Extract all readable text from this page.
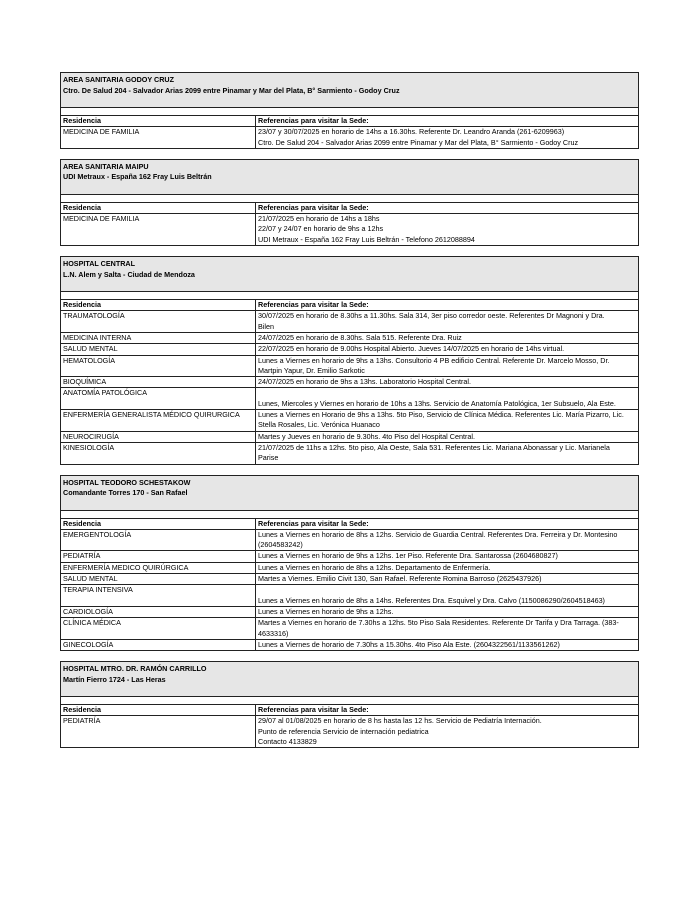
AREA SANITARIA GODOY CRUZ
Ctro. De Salud 204 - Salvador Arias 2099 entre Pinamar y Mar del Plata, B° Sarmiento - Godoy Cruz
Residencia	Referencias para visitar la Sede:
MEDICINA DE FAMILIA	23/07 y 30/07/2025 en horario de 14hs a 16.30hs. Referente Dr. Leandro Aranda (261-6209963)
Ctro. De Salud 204 - Salvador Arias 2099 entre Pinamar y Mar del Plata, B° Sarmiento - Godoy Cruz
AREA SANITARIA MAIPU
UDI Metraux - España 162 Fray Luis Beltrán
Residencia	Referencias para visitar la Sede:
MEDICINA DE FAMILIA	21/07/2025 en horario de 14hs a 18hs
22/07 y 24/07 en horario de 9hs a 12hs
UDI Metraux - España 162 Fray Luis Beltrán - Telefono 2612088894
HOSPITAL CENTRAL
L.N. Alem y Salta - Ciudad de Mendoza
Residencia	Referencias para visitar la Sede:
TRAUMATOLOGÍA	30/07/2025 en horario de 8.30hs a 11.30hs. Sala 314, 3er piso corredor oeste. Referentes Dr Magnoni y Dra.
Bilen
MEDICINA INTERNA	24/07/2025 en horario de 8.30hs. Sala 515. Referente Dra. Ruiz
SALUD MENTAL	22/07/2025 en horario de 9.00hs Hospital Abierto. Jueves 14/07/2025 en horario de 14hs virtual.
HEMATOLOGÍA	Lunes a Viernes en horario de 9hs a 13hs. Consultorio 4 PB edificio Central. Referente Dr. Marcelo Mosso, Dr.
Martpin Yapur, Dr. Emilio Sarkotic
BIOQUÍMICA	24/07/2025 en horario de 9hs a 13hs. Laboratorio Hospital Central.
ANATOMÍA PATOLÓGICA

Lunes, Miercoles y Viernes en horario de 10hs a 13hs. Servicio de Anatomía Patológica, 1er Subsuelo, Ala Este.
ENFERMERÍA GENERALISTA MÉDICO QUIRURGICA	Lunes a Viernes en Horario de 9hs a 13hs. 5to Piso, Servicio de Clínica Médica. Referentes Lic. María Pizarro, Lic.
Stella Rosales, Lic. Verónica Huanaco
NEUROCIRUGÍA	Martes y Jueves en horario de 9.30hs. 4to Piso del Hospital Central.
KINESIOLOGÍA	21/07/2025 de 11hs a 12hs. 5to piso, Ala Oeste, Sala 531. Referentes Lic. Mariana Abonassar y Lic. Marianela
Parise
HOSPITAL TEODORO SCHESTAKOW
Comandante Torres 170 - San Rafael
Residencia	Referencias para visitar la Sede:
EMERGENTOLOGÍA	Lunes a Viernes en horario de 8hs a 12hs. Servicio de Guardia Central. Referentes Dra. Ferreira y Dr. Montesino
(2604583242)
PEDIATRÍA	Lunes a Viernes en horario de 9hs a 12hs. 1er Piso. Referente Dra. Santarossa (2604680827)
ENFERMERÍA MEDICO QUIRÚRGICA	Lunes a Viernes en horario de 8hs a 12hs. Departamento de Enfermería.
SALUD MENTAL	Martes a Viernes. Emilio Civit 130, San Rafael. Referente Romina Barroso (2625437926)
TERAPIA INTENSIVA

Lunes a Viernes en horario de 8hs a 14hs. Referentes Dra. Esquivel y Dra. Calvo (1150086290/2604518463)
CARDIOLOGÍA	Lunes a Viernes en horario de 9hs a 12hs.
CLÍNICA MÉDICA	Martes a Viernes en horario de 7.30hs a 12hs. 5to Piso Sala Residentes. Referente Dr Tarifa y Dra Tarraga. (383-
4633316)
GINECOLOGÍA	Lunes a Viernes de horario de 7.30hs a 15.30hs. 4to Piso Ala Este. (2604322561/1133561262)
HOSPITAL MTRO. DR. RAMÓN CARRILLO
Martín Fierro 1724 - Las Heras
Residencia	Referencias para visitar la Sede:
PEDIATRÍA	29/07 al 01/08/2025 en horario de 8 hs hasta las 12 hs. Servicio de Pediatría Internación.
Punto de referencia Servicio de internación pediatrica
Contacto 4133829
